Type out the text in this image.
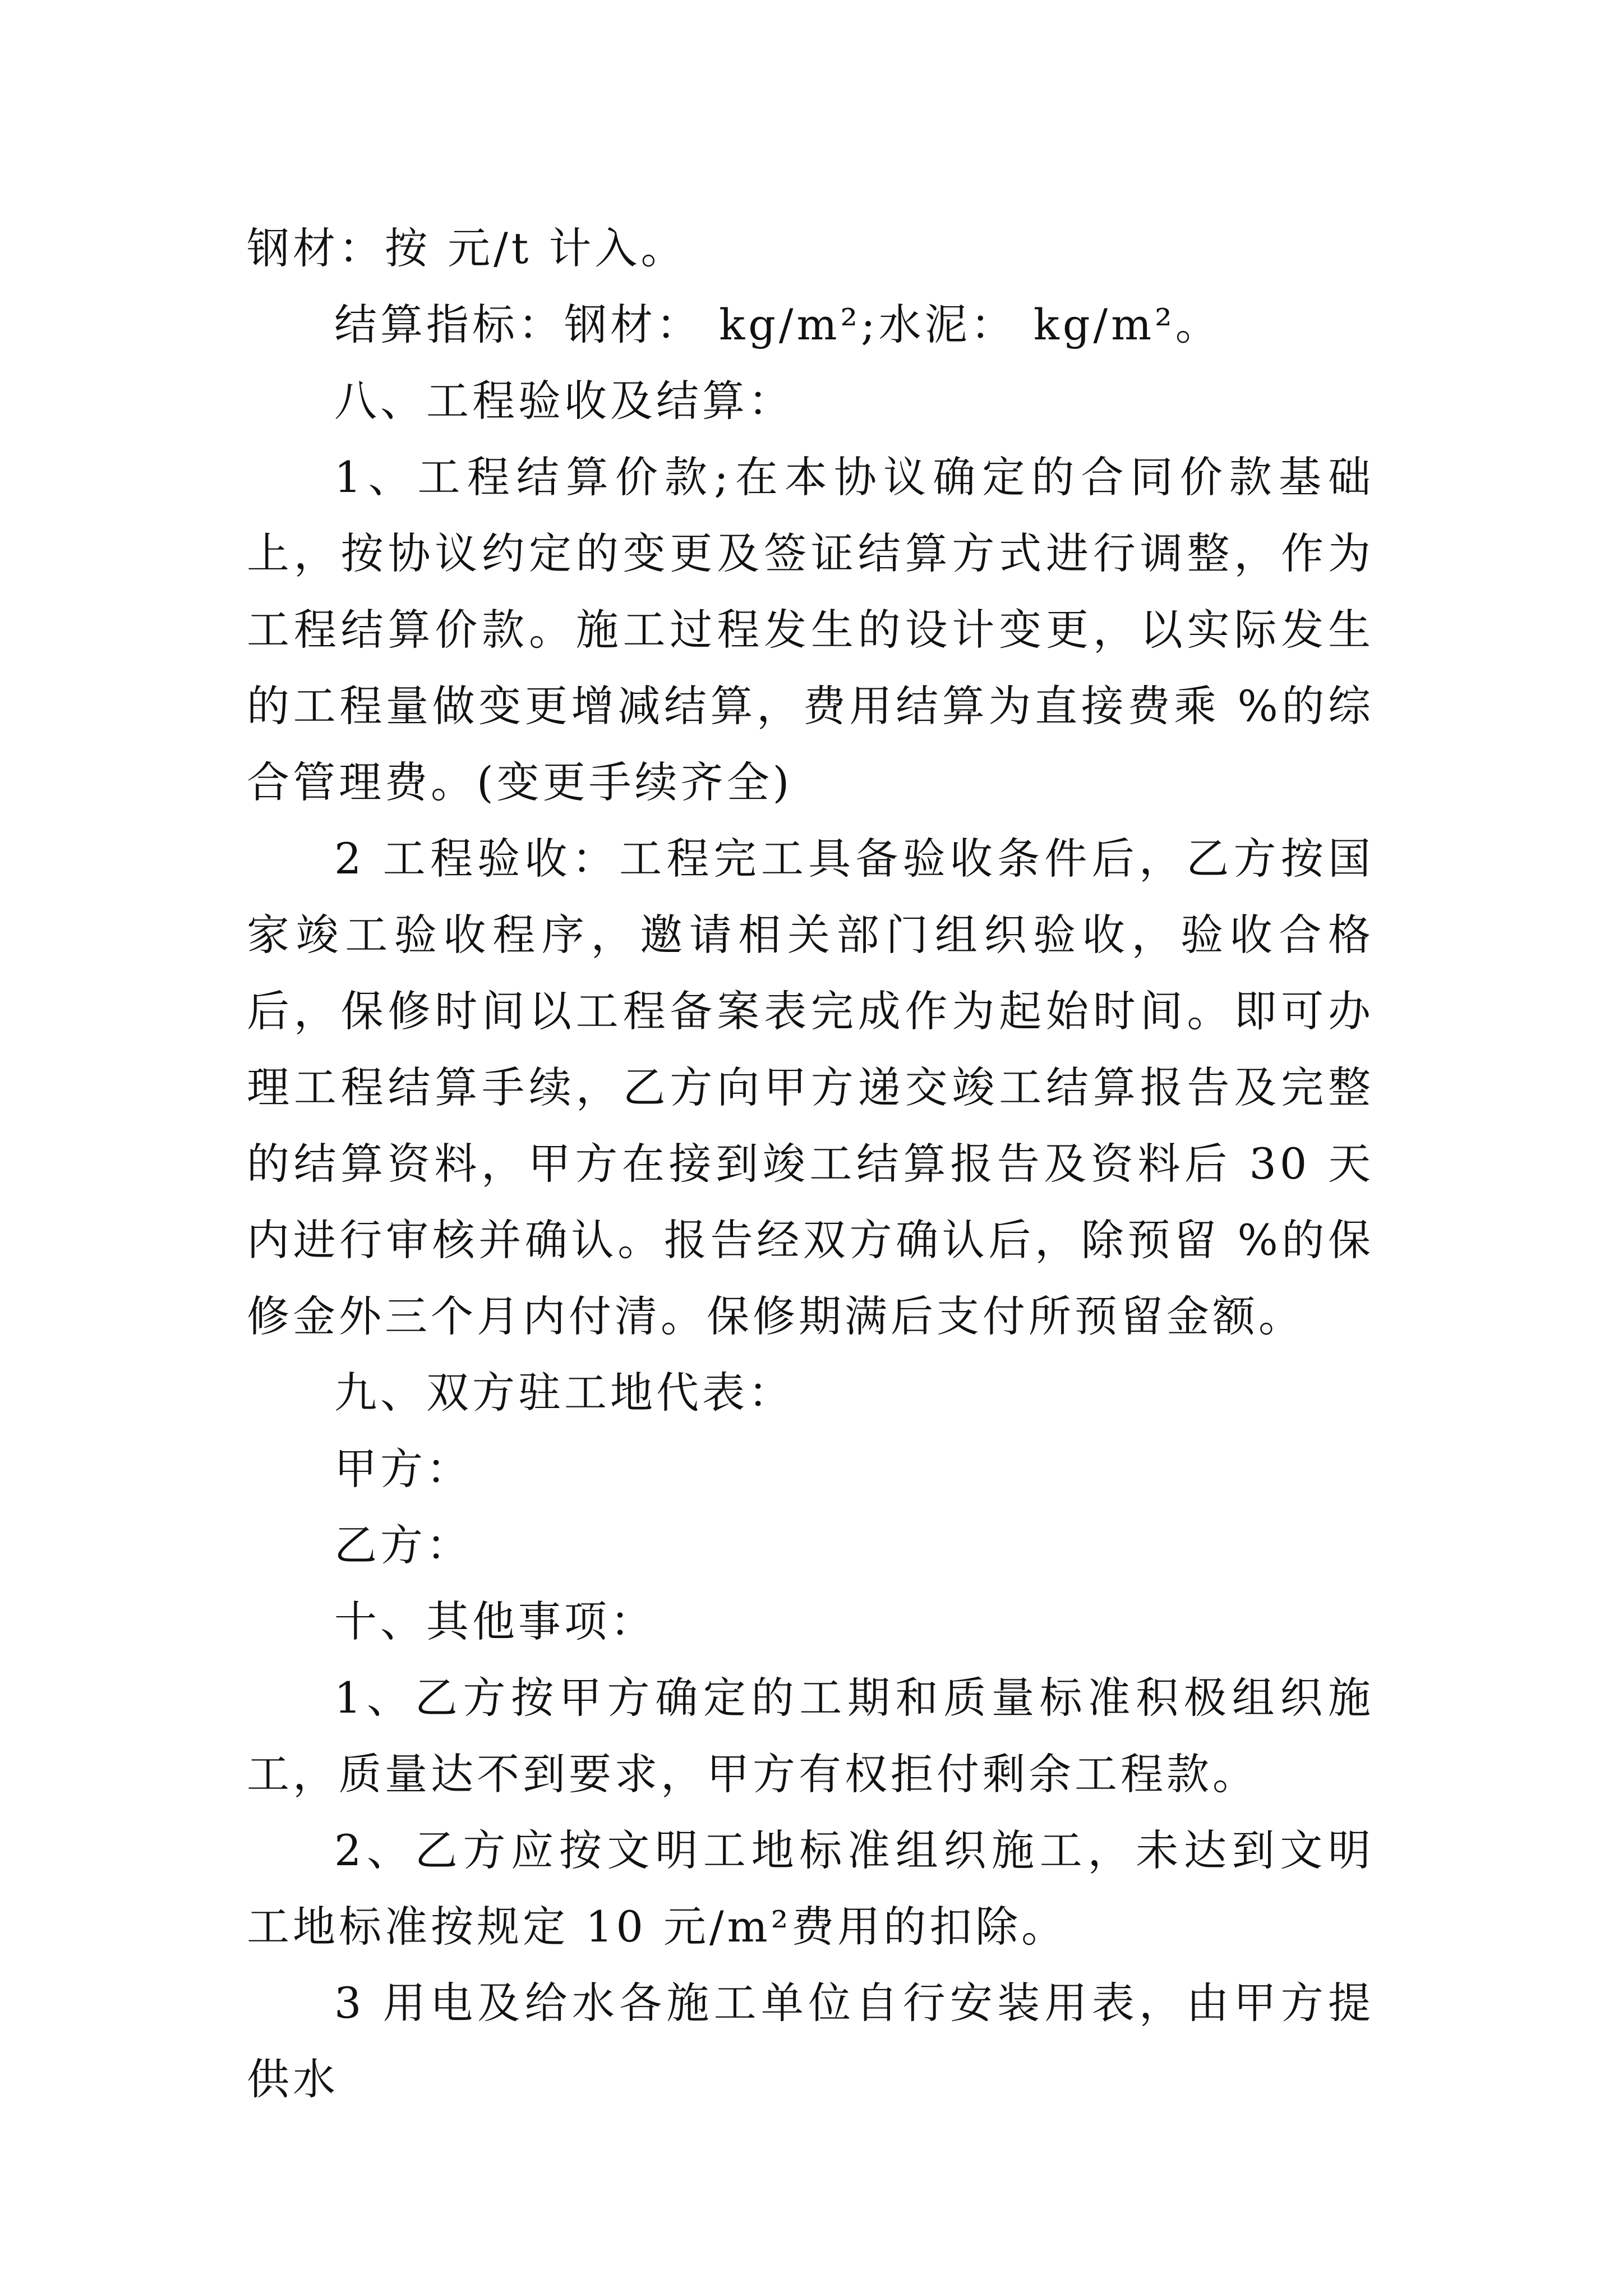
钢材：按 元/t 计入。

结算指标：钢材： kg/m²;水泥： kg/m²。

八、工程验收及结算：

1、工程结算价款;在本协议确定的合同价款基础上，按协议约定的变更及签证结算方式进行调整，作为工程结算价款。施工过程发生的设计变更，以实际发生的工程量做变更增减结算，费用结算为直接费乘 %的综合管理费。(变更手续齐全)

2 工程验收：工程完工具备验收条件后，乙方按国家竣工验收程序，邀请相关部门组织验收，验收合格后，保修时间以工程备案表完成作为起始时间。即可办理工程结算手续，乙方向甲方递交竣工结算报告及完整的结算资料，甲方在接到竣工结算报告及资料后 30 天内进行审核并确认。报告经双方确认后，除预留 %的保修金外三个月内付清。保修期满后支付所预留金额。

九、双方驻工地代表：

甲方：

乙方：

十、其他事项：

1、乙方按甲方确定的工期和质量标准积极组织施工，质量达不到要求，甲方有权拒付剩余工程款。

2、乙方应按文明工地标准组织施工，未达到文明工地标准按规定 10 元/m²费用的扣除。

3 用电及给水各施工单位自行安装用表，由甲方提供水
